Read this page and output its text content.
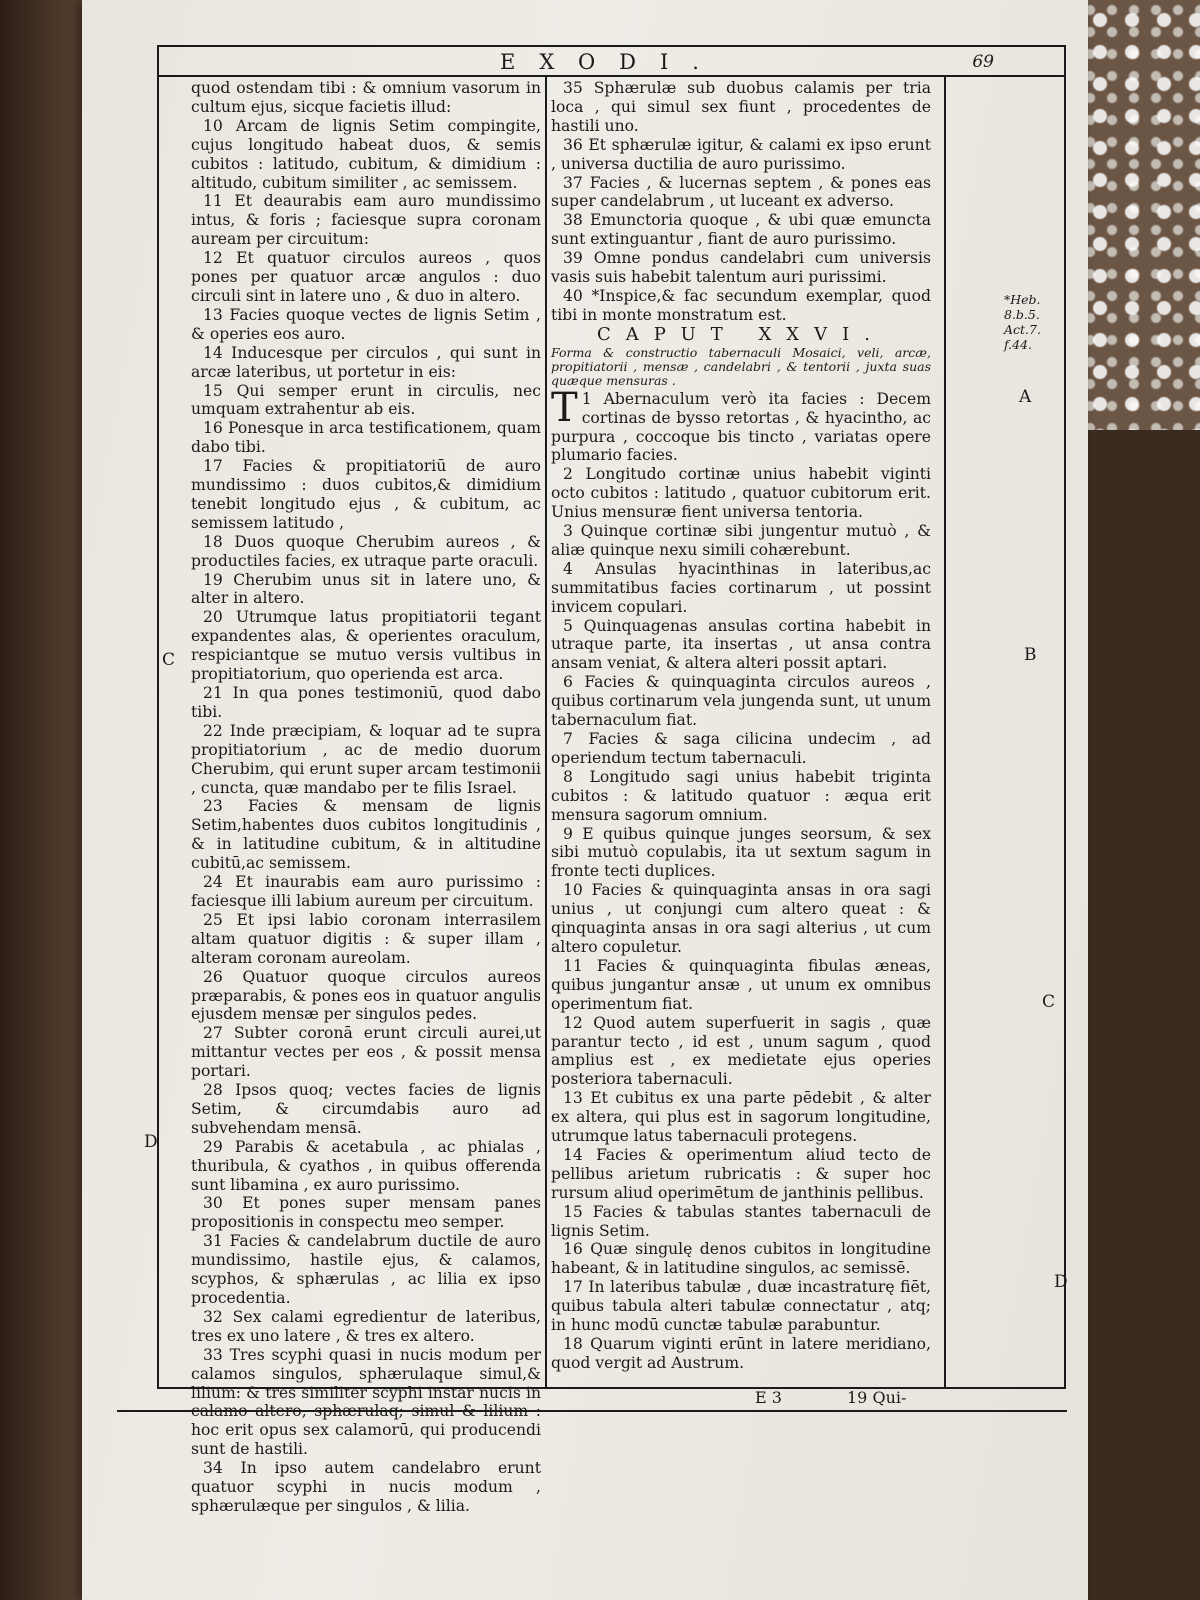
EXODI.	69

quod ostendam tibi : & omnium vasorum in cultum ejus, sicque facietis illud:

10 Arcam de lignis Setim compingite, cujus longitudo habeat duos, & semis cubitos : latitudo, cubitum, & dimidium : altitudo, cubitum similiter , ac semissem.

11 Et deaurabis eam auro mundissimo intus, & foris ; faciesque supra coronam auream per circuitum:

12 Et quatuor circulos aureos , quos pones per quatuor arcæ angulos : duo circuli sint in latere uno , & duo in altero.

13 Facies quoque vectes de lignis Setim , & operies eos auro.

14 Inducesque per circulos , qui sunt in arcæ lateribus, ut portetur in eis:

15 Qui semper erunt in circulis, nec umquam extrahentur ab eis.

16 Ponesque in arca testificationem, quam dabo tibi.

17 Facies & propitiatoriū de auro mundissimo : duos cubitos,& dimidium tenebit longitudo ejus , & cubitum, ac semissem latitudo ,

18 Duos quoque Cherubim aureos , & productiles facies, ex utraque parte oraculi.

19 Cherubim unus sit in latere uno, & alter in altero.

20 Utrumque latus propitiatorii tegant expandentes alas, & operientes oraculum, respiciantque se mutuo versis vultibus in propitiatorium, quo operienda est arca.

21 In qua pones testimoniū, quod dabo tibi.

22 Inde præcipiam, & loquar ad te supra propitiatorium , ac de medio duorum Cherubim, qui erunt super arcam testimonii , cuncta, quæ mandabo per te filis Israel.

23 Facies & mensam de lignis Setim,habentes duos cubitos longitudinis , & in latitudine cubitum, & in altitudine cubitū,ac semissem.

24 Et inaurabis eam auro purissimo : faciesque illi labium aureum per circuitum.

25 Et ipsi labio coronam interrasilem altam quatuor digitis : & super illam , alteram coronam aureolam.

26 Quatuor quoque circulos aureos præparabis, & pones eos in quatuor angulis ejusdem mensæ per singulos pedes.

27 Subter coronā erunt circuli aurei,ut mittantur vectes per eos , & possit mensa portari.

28 Ipsos quoq; vectes facies de lignis Setim, & circumdabis auro ad subvehendam mensā.

29 Parabis & acetabula , ac phialas , thuribula, & cyathos , in quibus offerenda sunt libamina , ex auro purissimo.

30 Et pones super mensam panes propositionis in conspectu meo semper.

31 Facies & candelabrum ductile de auro mundissimo, hastile ejus, & calamos, scyphos, & sphærulas , ac lilia ex ipso procedentia.

32 Sex calami egredientur de lateribus, tres ex uno latere , & tres ex altero.

33 Tres scyphi quasi in nucis modum per calamos singulos, sphærulaque simul,& lilium: & tres similiter scyphi instar nucis in hoc erit opus sex calamorū, qui producendi sunt de hastili.

34 In ipso autem candelabro erunt quatuor scyphi in nucis modum , sphærulæque per singulos , & lilia.

35 Sphærulæ sub duobus calamis per tria loca , qui simul sex fiunt , procedentes de hastili uno.

36 Et sphærulæ igitur, & calami ex ipso erunt , universa ductilia de auro purissimo.

37 Facies , & lucernas septem , & pones eas super candelabrum , ut luceant ex adverso.

38 Emunctoria quoque , & ubi quæ emuncta sunt extinguantur , fiant de auro purissimo.

39 Omne pondus candelabri cum universis vasis suis habebit talentum auri purissimi.

40 *Inspice,& fac secundum exemplar, quod tibi in monte monstratum est.

CAPUT XXVI.

Forma & constructio tabernaculi Mosaici, veli, arcæ, propitiatorii , mensæ , candelabri , & tentorii , juxta suas quæque mensuras .

1
T Abernaculum verò ita facies : Decem cortinas de bysso retortas , & hyacintho, ac purpura , coccoque bis tincto , variatas opere plumario facies.

2 Longitudo cortinæ unius habebit viginti octo cubitos : latitudo , quatuor cubitorum erit. Unius mensuræ fient universa tentoria.

3 Quinque cortinæ sibi jungentur mutuò , & aliæ quinque nexu simili cohærebunt.

4 Ansulas hyacinthinas in lateribus,ac summitatibus facies cortinarum , ut possint invicem copulari.

5 Quinquagenas ansulas cortina habebit in utraque parte, ita insertas , ut ansa contra ansam veniat, & altera alteri possit aptari.

6 Facies & quinquaginta circulos aureos , quibus cortinarum vela jungenda sunt, ut unum tabernaculum fiat.

7 Facies & saga cilicina undecim , ad operiendum tectum tabernaculi.

8 Longitudo sagi unius habebit triginta cubitos : & latitudo quatuor : æqua erit mensura sagorum omnium.

9 E quibus quinque junges seorsum, & sex sibi mutuò copulabis, ita ut sextum sagum in fronte tecti duplices.

10 Facies & quinquaginta ansas in ora sagi unius , ut conjungi cum altero queat : & qinquaginta ansas in ora sagi alterius , ut cum altero copuletur.

11 Facies & quinquaginta fibulas æneas, quibus jungantur ansæ , ut unum ex omnibus operimentum fiat.

12 Quod autem superfuerit in sagis , quæ parantur tecto , id est , unum sagum , quod amplius est , ex medietate ejus operies posteriora tabernaculi.

13 Et cubitus ex una parte pēdebit , & alter ex altera, qui plus est in sagorum longitudine, utrumque latus tabernaculi protegens.

14 Facies & operimentum aliud tecto de pellibus arietum rubricatis : & super hoc rursum aliud operimētum de janthinis pellibus.

15 Facies & tabulas stantes tabernaculi de lignis Setim.

16 Quæ singulę denos cubitos in longitudine habeant, & in latitudine singulos, ac semissē.

17 In lateribus tabulæ , duæ incastraturę fiēt, quibus tabula alteri tabulæ connectatur , atq; in hunc modū cunctæ tabulæ parabuntur.

18 Quarum viginti erūnt in latere meridiano, quod vergit ad Austrum.

*Heb. 8.b.5. Act.7. f.44.
A
B
C
D
C
D
E 3	19 Qui-
